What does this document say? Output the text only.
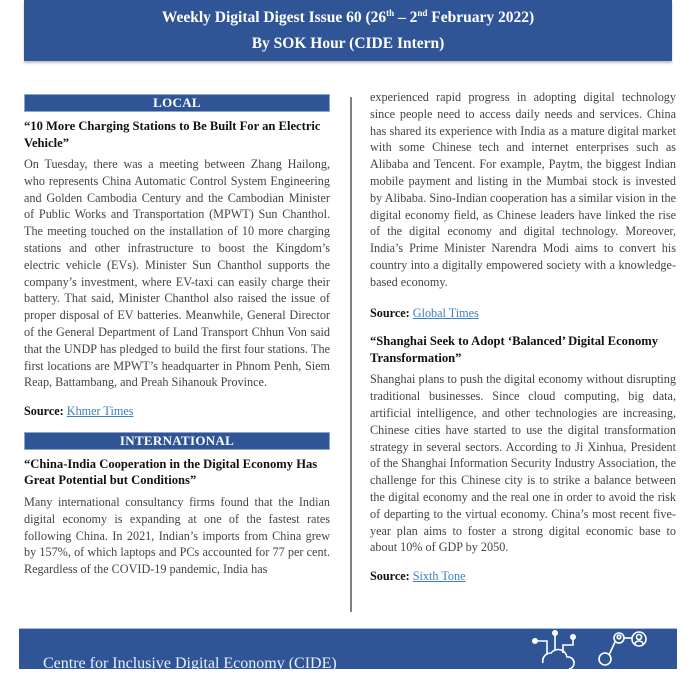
Weekly Digital Digest Issue 60 (26th – 2nd February 2022)
By SOK Hour (CIDE Intern)
LOCAL
“10 More Charging Stations to Be Built For an Electric Vehicle”

On Tuesday, there was a meeting between Zhang Hailong, who represents China Automatic Control System Engineering and Golden Cambodia Century and the Cambodian Minister of Public Works and Transportation (MPWT) Sun Chanthol. The meeting touched on the installation of 10 more charging stations and other infrastructure to boost the Kingdom’s electric vehicle (EVs). Minister Sun Chanthol supports the company’s investment, where EV-taxi can easily charge their battery. That said, Minister Chanthol also raised the issue of proper disposal of EV batteries. Meanwhile, General Director of the General Department of Land Transport Chhun Von said that the UNDP has pledged to build the first four stations. The first locations are MPWT’s headquarter in Phnom Penh, Siem Reap, Battambang, and Preah Sihanouk Province.

Source: Khmer Times
INTERNATIONAL
“China-India Cooperation in the Digital Economy Has Great Potential but Conditions”

Many international consultancy firms found that the Indian digital economy is expanding at one of the fastest rates following China. In 2021, Indian’s imports from China grew by 157%, of which laptops and PCs accounted for 77 per cent. Regardless of the COVID-19 pandemic, India has

experienced rapid progress in adopting digital technology since people need to access daily needs and services. China has shared its experience with India as a mature digital market with some Chinese tech and internet enterprises such as Alibaba and Tencent. For example, Paytm, the biggest Indian mobile payment and listing in the Mumbai stock is invested by Alibaba. Sino-Indian cooperation has a similar vision in the digital economy field, as Chinese leaders have linked the rise of the digital economy and digital technology. Moreover, India’s Prime Minister Narendra Modi aims to convert his country into a digitally empowered society with a knowledge-based economy.

Source: Global Times
“Shanghai Seek to Adopt ‘Balanced’ Digital Economy Transformation”

Shanghai plans to push the digital economy without disrupting traditional businesses. Since cloud computing, big data, artificial intelligence, and other technologies are increasing, Chinese cities have started to use the digital transformation strategy in several sectors. According to Ji Xinhua, President of the Shanghai Information Security Industry Association, the challenge for this Chinese city is to strike a balance between the digital economy and the real one in order to avoid the risk of departing to the virtual economy. China’s most recent five-year plan aims to foster a strong digital economic base to about 10% of GDP by 2050.

Source: Sixth Tone
Centre for Inclusive Digital Economy (CIDE)
